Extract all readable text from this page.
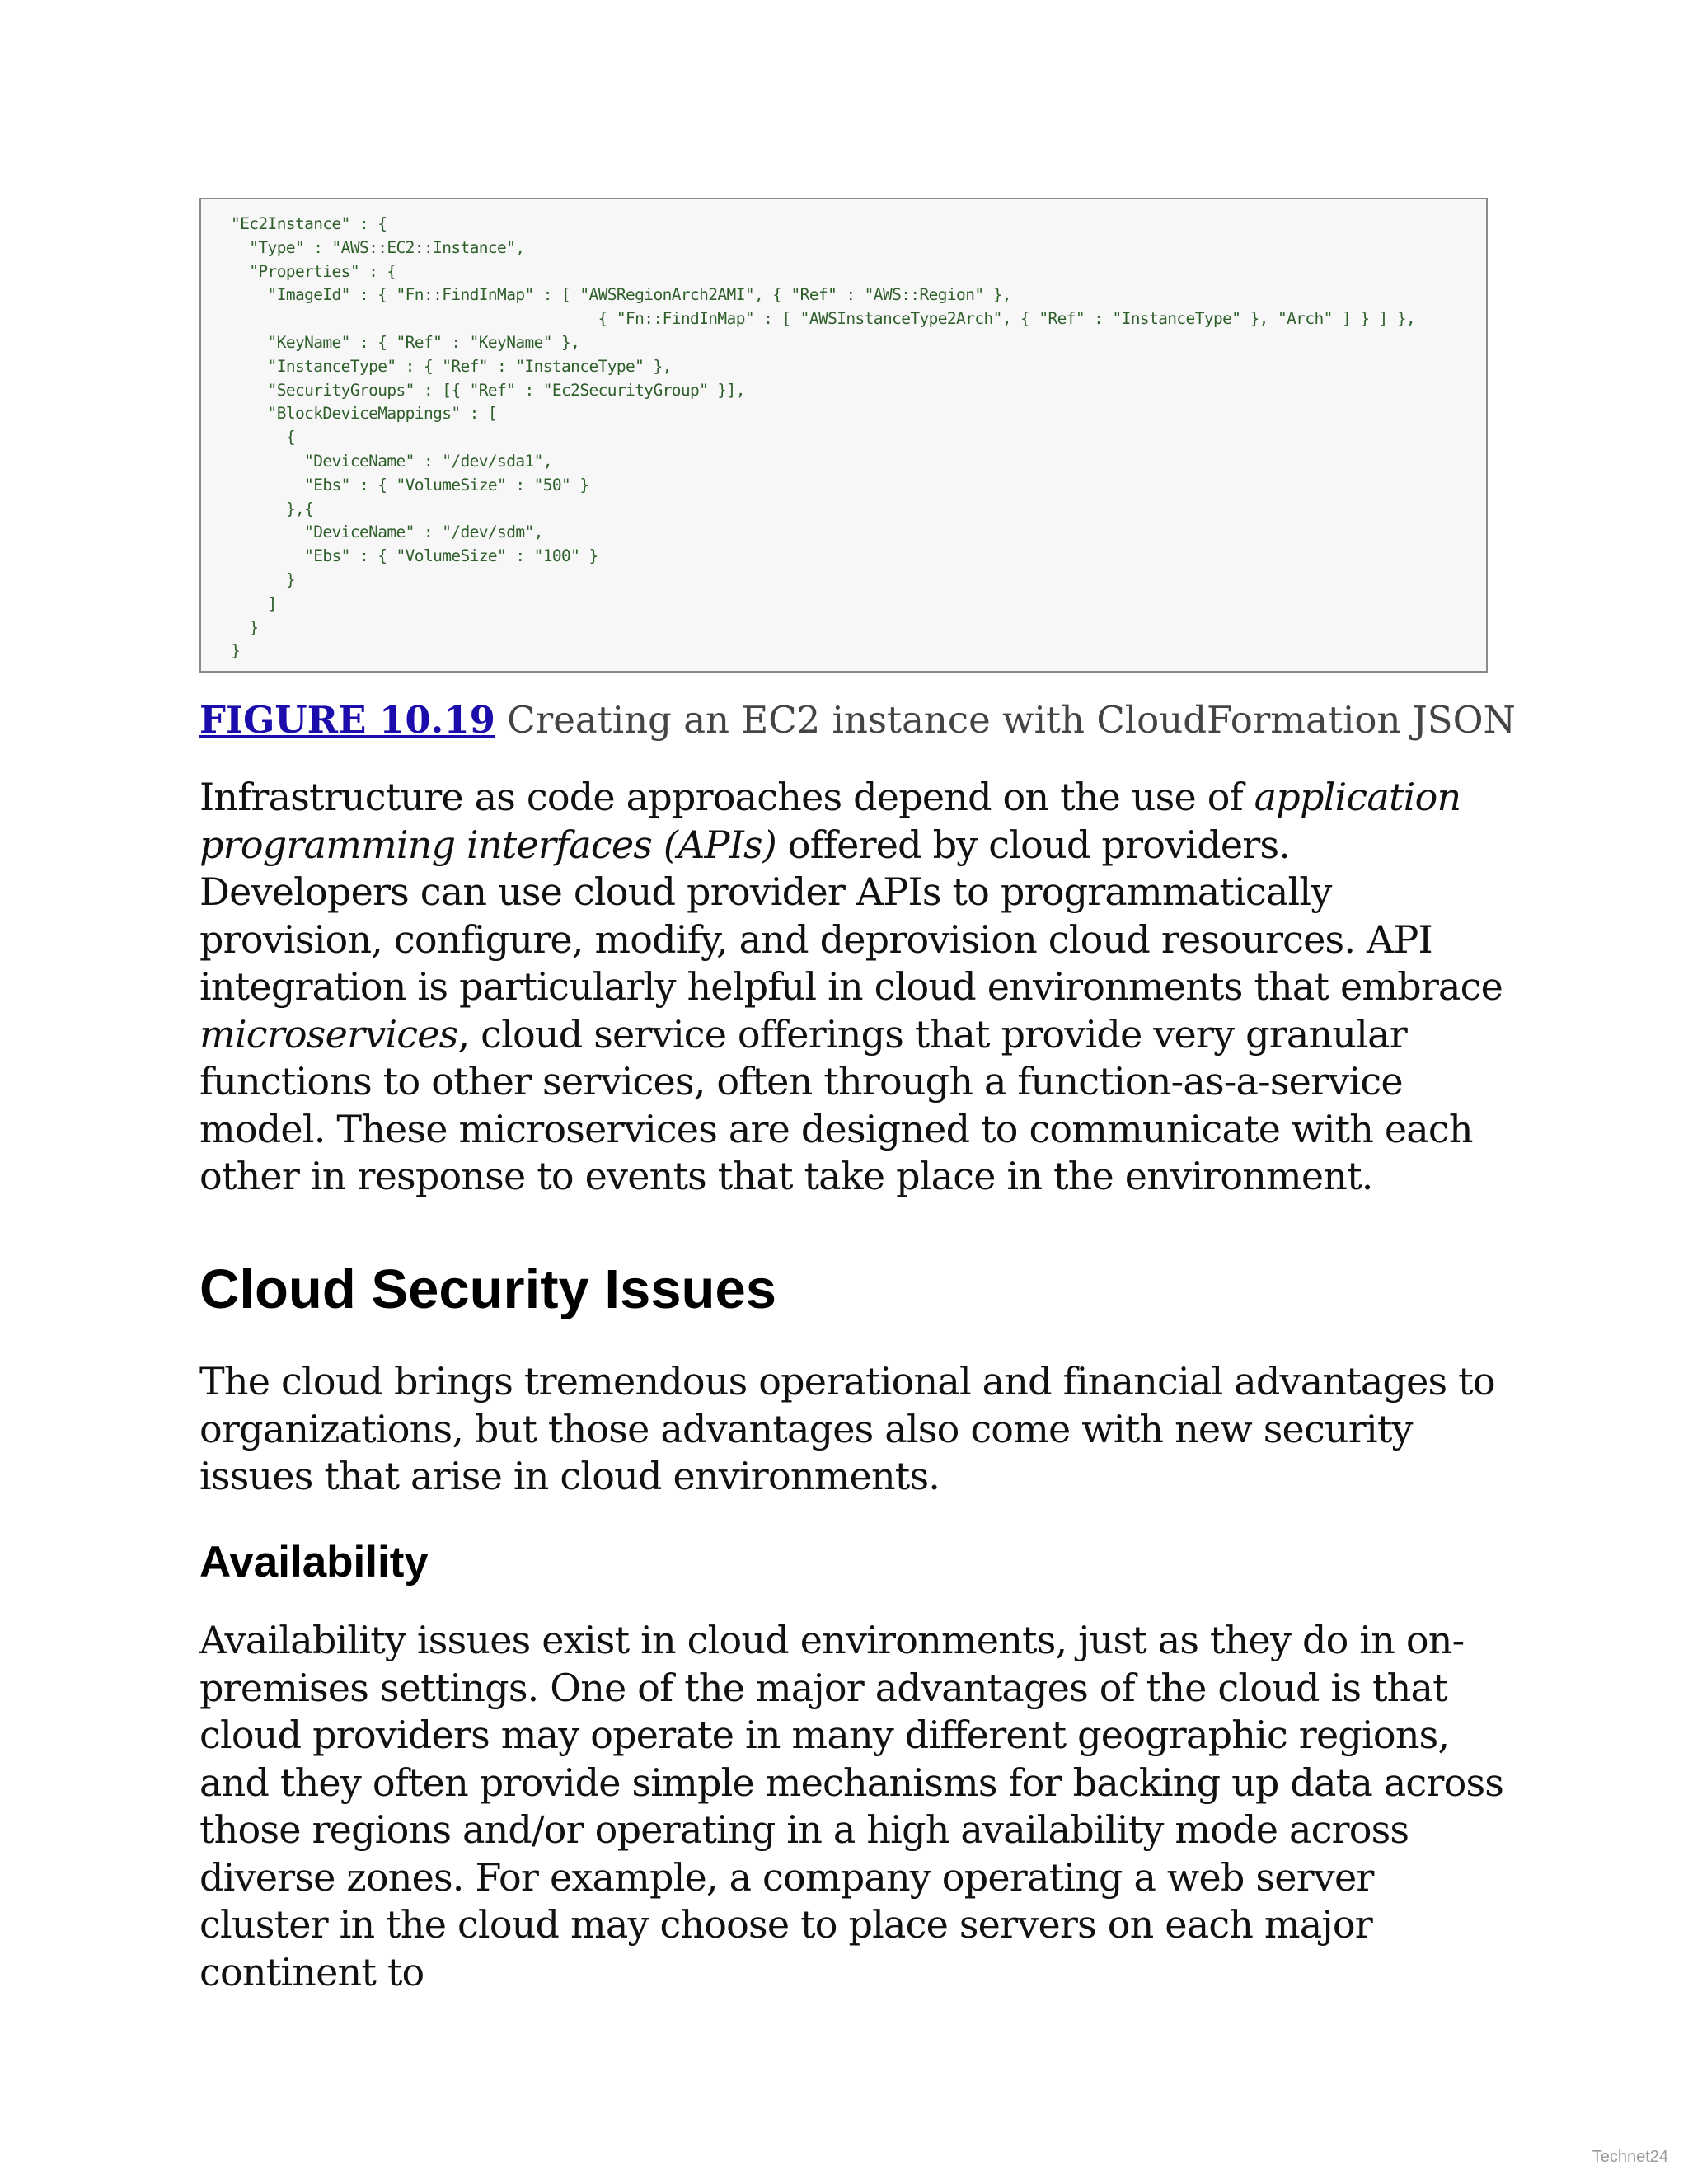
"Ec2Instance" : {
"Type" : "AWS::EC2::Instance",
"Properties" : {
"ImageId" : { "Fn::FindInMap" : [ "AWSRegionArch2AMI", { "Ref" : "AWS::Region" },
{ "Fn::FindInMap" : [ "AWSInstanceType2Arch", { "Ref" : "InstanceType" }, "Arch" ] } ] },
"KeyName" : { "Ref" : "KeyName" },
"InstanceType" : { "Ref" : "InstanceType" },
"SecurityGroups" : [{ "Ref" : "Ec2SecurityGroup" }],
"BlockDeviceMappings" : [
{
"DeviceName" : "/dev/sda1",
"Ebs" : { "VolumeSize" : "50" }
},{
"DeviceName" : "/dev/sdm",
"Ebs" : { "VolumeSize" : "100" }
}
]
}
}
FIGURE 10.19 Creating an EC2 instance with CloudFormation JSON

Infrastructure as code approaches depend on the use of application programming interfaces (APIs) offered by cloud providers. Developers can use cloud provider APIs to programmatically provision, configure, modify, and deprovision cloud resources. API integration is particularly helpful in cloud environments that embrace microservices, cloud service offerings that provide very granular functions to other services, often through a function-as-a-service model. These microservices are designed to communicate with each other in response to events that take place in the environment.

Cloud Security Issues

The cloud brings tremendous operational and financial advantages to organizations, but those advantages also come with new security issues that arise in cloud environments.

Availability

Availability issues exist in cloud environments, just as they do in on-premises settings. One of the major advantages of the cloud is that cloud providers may operate in many different geographic regions, and they often provide simple mechanisms for backing up data across those regions and/or operating in a high availability mode across diverse zones. For example, a company operating a web server cluster in the cloud may choose to place servers on each major continent to

Technet24
